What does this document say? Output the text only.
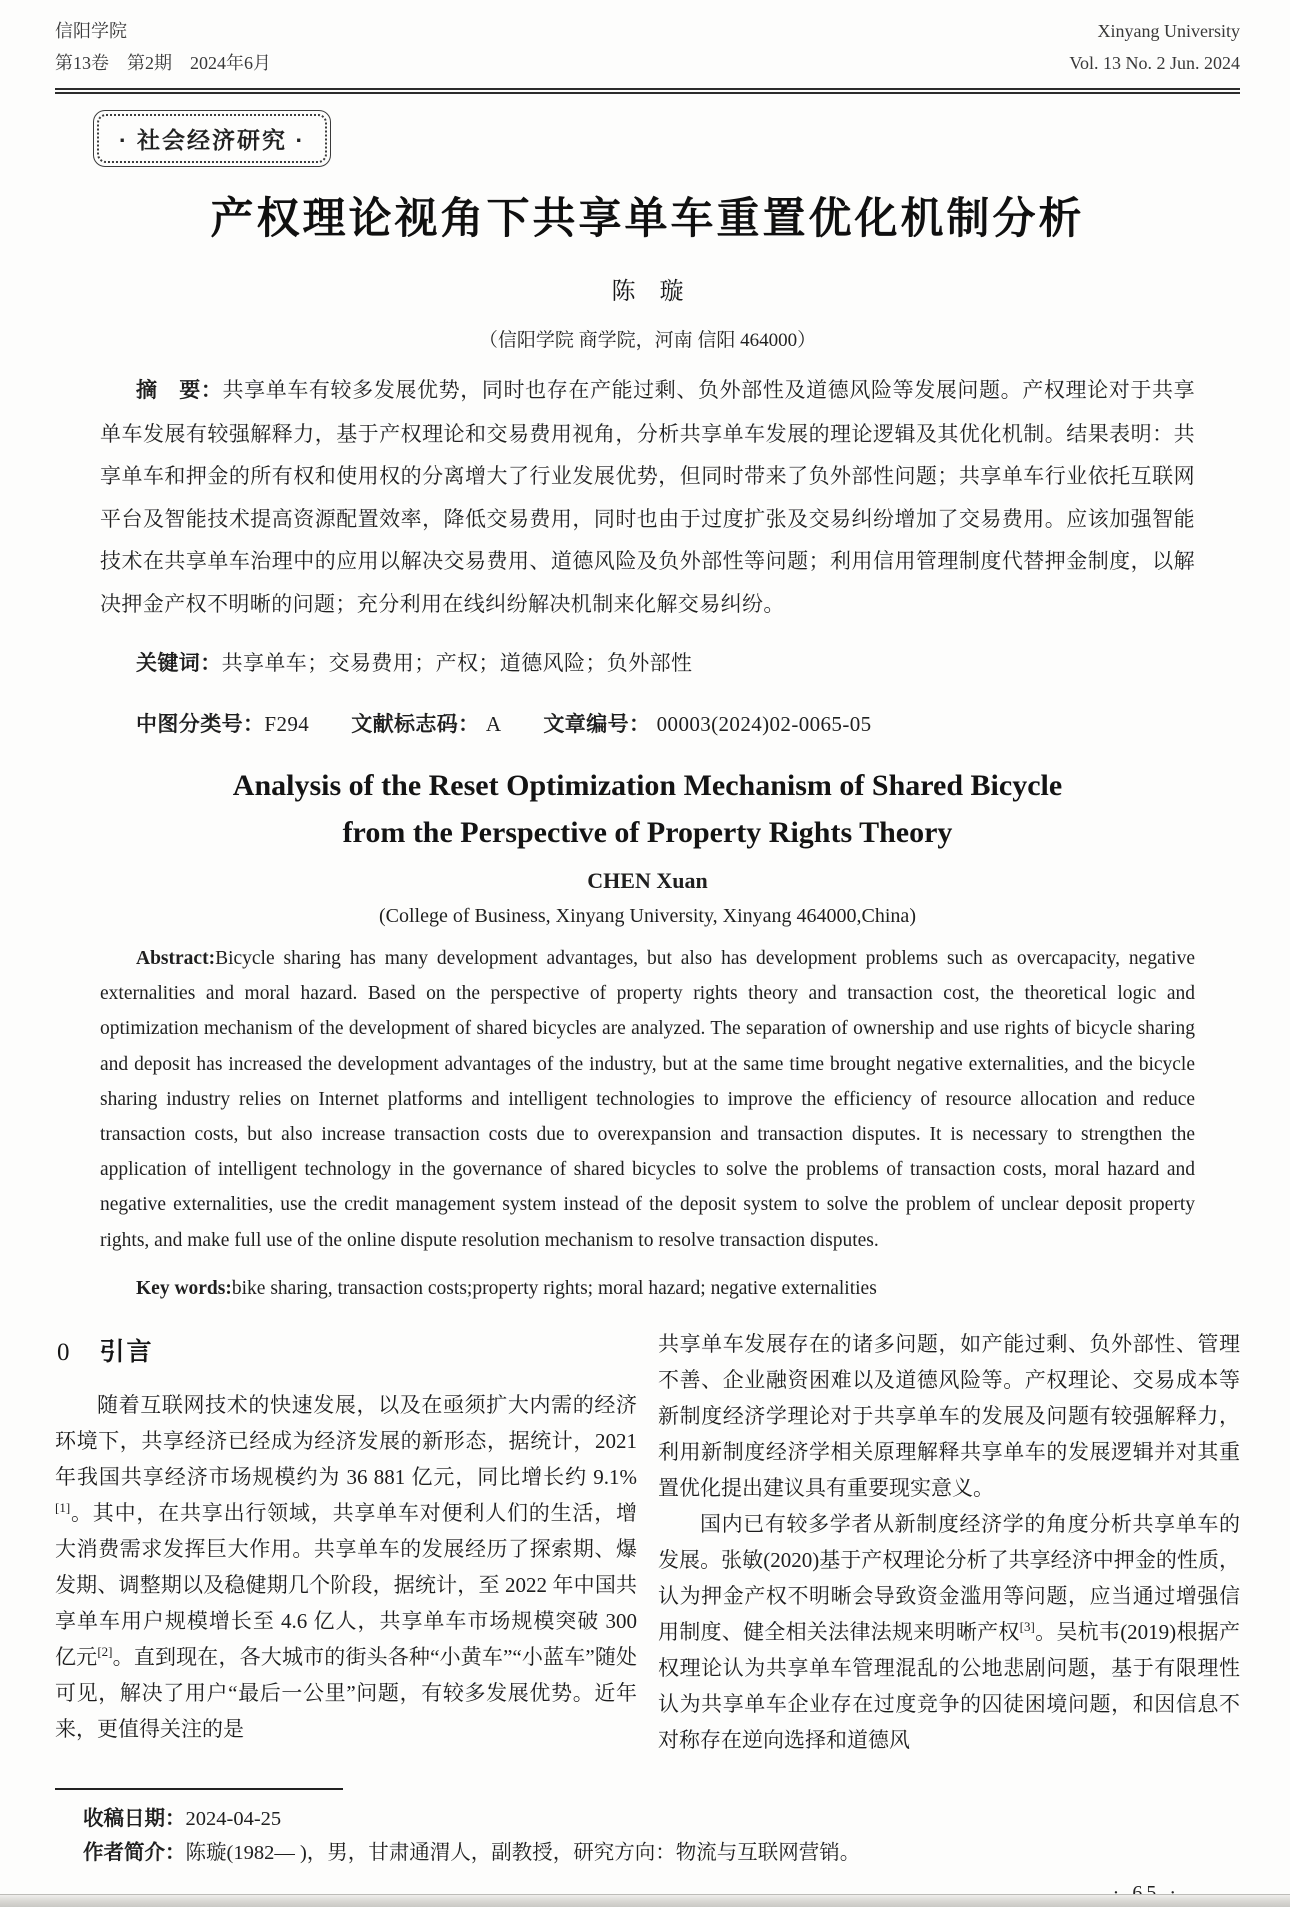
信阳学院
第13卷　第2期　2024年6月
Xinyang University
Vol. 13 No. 2 Jun. 2024
· 社会经济研究 ·
产权理论视角下共享单车重置优化机制分析
陈　璇
（信阳学院 商学院，河南 信阳 464000）
摘　要：共享单车有较多发展优势，同时也存在产能过剩、负外部性及道德风险等发展问题。产权理论对于共享单车发展有较强解释力，基于产权理论和交易费用视角，分析共享单车发展的理论逻辑及其优化机制。结果表明：共享单车和押金的所有权和使用权的分离增大了行业发展优势，但同时带来了负外部性问题；共享单车行业依托互联网平台及智能技术提高资源配置效率，降低交易费用，同时也由于过度扩张及交易纠纷增加了交易费用。应该加强智能技术在共享单车治理中的应用以解决交易费用、道德风险及负外部性等问题；利用信用管理制度代替押金制度，以解决押金产权不明晰的问题；充分利用在线纠纷解决机制来化解交易纠纷。
关键词：共享单车；交易费用；产权；道德风险；负外部性
中图分类号：F294 文献标志码： A 文章编号： 00003(2024)02-0065-05
Analysis of the Reset Optimization Mechanism of Shared Bicycle
from the Perspective of Property Rights Theory
CHEN Xuan
(College of Business, Xinyang University, Xinyang 464000,China)
Abstract:Bicycle sharing has many development advantages, but also has development problems such as overcapacity, negative externalities and moral hazard. Based on the perspective of property rights theory and transaction cost, the theoretical logic and optimization mechanism of the development of shared bicycles are analyzed. The separation of ownership and use rights of bicycle sharing and deposit has increased the development advantages of the industry, but at the same time brought negative externalities, and the bicycle sharing industry relies on Internet platforms and intelligent technologies to improve the efficiency of resource allocation and reduce transaction costs, but also increase transaction costs due to overexpansion and transaction disputes. It is necessary to strengthen the application of intelligent technology in the governance of shared bicycles to solve the problems of transaction costs, moral hazard and negative externalities, use the credit management system instead of the deposit system to solve the problem of unclear deposit property rights, and make full use of the online dispute resolution mechanism to resolve transaction disputes.
Key words:bike sharing, transaction costs;property rights; moral hazard; negative externalities
0 引言

随着互联网技术的快速发展，以及在亟须扩大内需的经济环境下，共享经济已经成为经济发展的新形态，据统计，2021 年我国共享经济市场规模约为 36 881 亿元，同比增长约 9.1%[1]。其中，在共享出行领域，共享单车对便利人们的生活，增大消费需求发挥巨大作用。共享单车的发展经历了探索期、爆发期、调整期以及稳健期几个阶段，据统计，至 2022 年中国共享单车用户规模增长至 4.6 亿人，共享单车市场规模突破 300 亿元[2]。直到现在，各大城市的街头各种“小黄车”“小蓝车”随处可见，解决了用户“最后一公里”问题，有较多发展优势。近年来，更值得关注的是

共享单车发展存在的诸多问题，如产能过剩、负外部性、管理不善、企业融资困难以及道德风险等。产权理论、交易成本等新制度经济学理论对于共享单车的发展及问题有较强解释力，利用新制度经济学相关原理解释共享单车的发展逻辑并对其重置优化提出建议具有重要现实意义。

国内已有较多学者从新制度经济学的角度分析共享单车的发展。张敏(2020)基于产权理论分析了共享经济中押金的性质，认为押金产权不明晰会导致资金滥用等问题，应当通过增强信用制度、健全相关法律法规来明晰产权[3]。吴杭韦(2019)根据产权理论认为共享单车管理混乱的公地悲剧问题，基于有限理性认为共享单车企业存在过度竞争的囚徒困境问题，和因信息不对称存在逆向选择和道德风

收稿日期：2024-04-25
作者简介：陈璇(1982— )，男，甘肃通渭人，副教授，研究方向：物流与互联网营销。
